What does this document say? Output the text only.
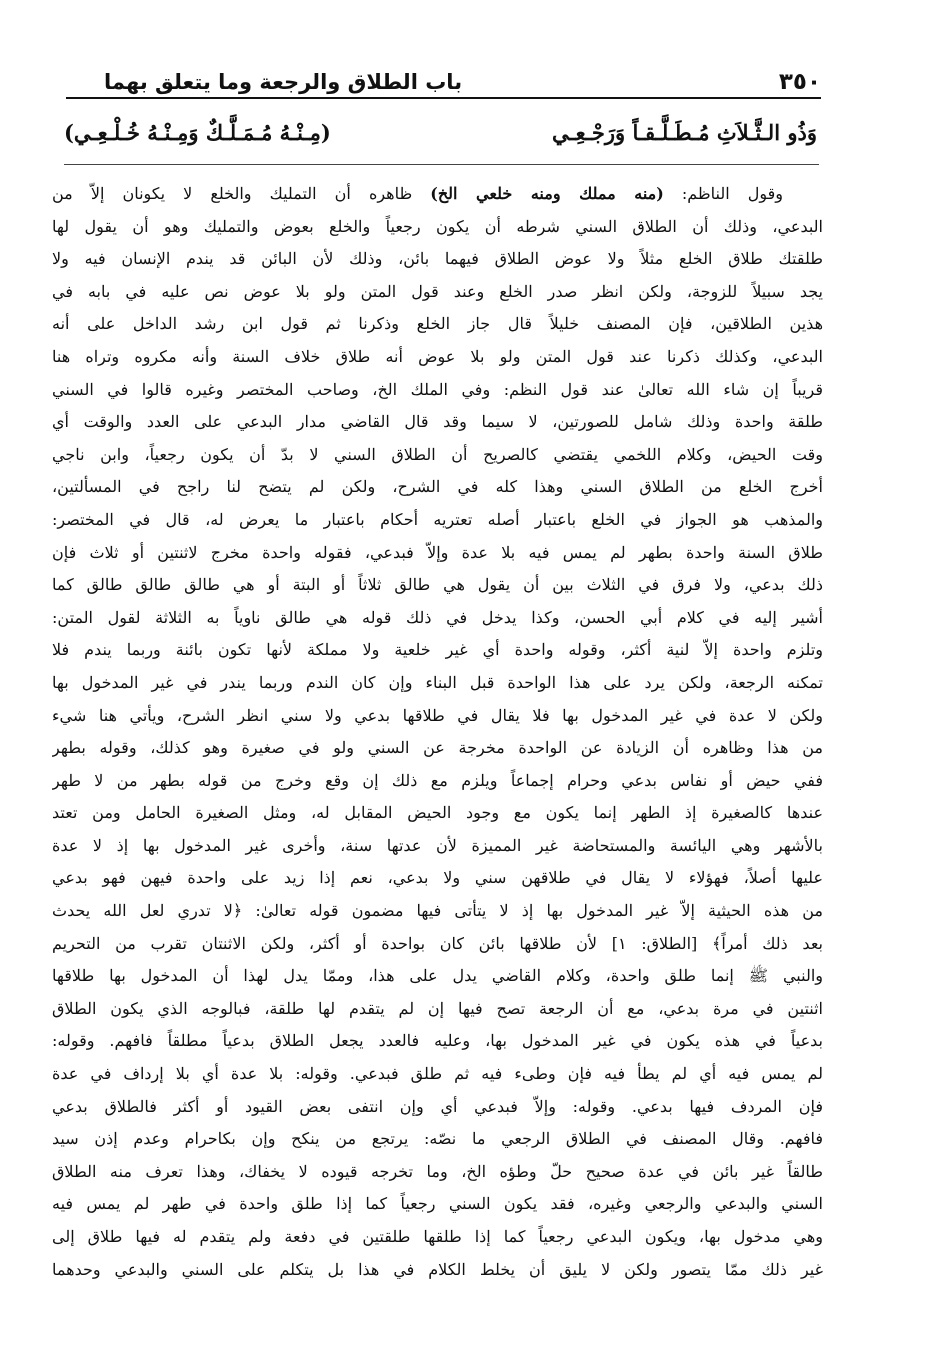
٣٥٠
باب الطلاق والرجعة وما يتعلق بهما
وَذُو الـثَّـلاَثِ مُـطَـلَّـقـاً وَرَجْـعِـي
(مِـنْـهُ مُـمَـلَّـكٌ وَمِـنْـهُ خُـلْـعِـي)
وقول الناظم: (منه مملك ومنه خلعي الخ) ظاهره أن التمليك والخلع لا يكونان إلاّ من
البدعي، وذلك أن الطلاق السني شرطه أن يكون رجعياً والخلع بعوض والتمليك وهو أن يقول لها
طلقتك طلاق الخلع مثلاً ولا عوض الطلاق فيهما بائن، وذلك لأن البائن قد يندم الإنسان فيه ولا
يجد سبيلاً للزوجة، ولكن انظر صدر الخلع وعند قول المتن ولو بلا عوض نص عليه في بابه في
هذين الطلاقين، فإن المصنف خليلاً قال جاز الخلع وذكرنا ثم قول ابن رشد الداخل على أنه
البدعي، وكذلك ذكرنا عند قول المتن ولو بلا عوض أنه طلاق خلاف السنة وأنه مكروه وتراه هنا
قريباً إن شاء الله تعالىٰ عند قول النظم: وفي الملك الخ، وصاحب المختصر وغيره قالوا في السني
طلقة واحدة وذلك شامل للصورتين، لا سيما وقد قال القاضي مدار البدعي على العدد والوقت أي
وقت الحيض، وكلام اللخمي يقتضي كالصريح أن الطلاق السني لا بدّ أن يكون رجعياً، وابن ناجي
أخرج الخلع من الطلاق السني وهذا كله في الشرح، ولكن لم يتضح لنا راجح في المسألتين،
والمذهب هو الجواز في الخلع باعتبار أصله تعتريه أحكام باعتبار ما يعرض له، قال في المختصر:
طلاق السنة واحدة بطهر لم يمس فيه بلا عدة وإلاّ فبدعي، فقوله واحدة مخرج لاثنتين أو ثلاث فإن
ذلك بدعي، ولا فرق في الثلاث بين أن يقول هي طالق ثلاثاً أو البتة أو هي طالق طالق طالق كما
أشير إليه في كلام أبي الحسن، وكذا يدخل في ذلك قوله هي طالق ناوياً به الثلاثة لقول المتن:
وتلزم واحدة إلاّ لنية أكثر، وقوله واحدة أي غير خلعية ولا مملكة لأنها تكون بائنة وربما يندم فلا
تمكنه الرجعة، ولكن يرد على هذا الواحدة قبل البناء وإن كان الندم وربما يندر في غير المدخول بها
ولكن لا عدة في غير المدخول بها فلا يقال في طلاقها بدعي ولا سني انظر الشرح، ويأتي هنا شيء
من هذا وظاهره أن الزيادة عن الواحدة مخرجة عن السني ولو في صغيرة وهو كذلك، وقوله بطهر
ففي حيض أو نفاس بدعي وحرام إجماعاً ويلزم مع ذلك إن وقع وخرج من قوله بطهر من لا طهر
عندها كالصغيرة إذ الطهر إنما يكون مع وجود الحيض المقابل له، ومثل الصغيرة الحامل ومن تعتد
بالأشهر وهي اليائسة والمستحاضة غير المميزة لأن عدتها سنة، وأخرى غير المدخول بها إذ لا عدة
عليها أصلاً، فهؤلاء لا يقال في طلاقهن سني ولا بدعي، نعم إذا زيد على واحدة فيهن فهو بدعي
من هذه الحيثية إلاّ غير المدخول بها إذ لا يتأتى فيها مضمون قوله تعالىٰ: ﴿لا تدري لعل الله يحدث
بعد ذلك أمراً﴾ [الطلاق: ١] لأن طلاقها بائن كان بواحدة أو أكثر، ولكن الاثنتان تقرب من التحريم
والنبي ﷺ إنما طلق واحدة، وكلام القاضي يدل على هذا، وممّا يدل لهذا أن المدخول بها طلاقها
اثنتين في مرة بدعي، مع أن الرجعة تصح فيها إن لم يتقدم لها طلقة، فبالوجه الذي يكون الطلاق
بدعياً في هذه يكون في غير المدخول بها، وعليه فالعدد يجعل الطلاق بدعياً مطلقاً فافهم. وقوله:
لم يمس فيه أي لم يطأ فيه فإن وطىء فيه ثم طلق فبدعي. وقوله: بلا عدة أي بلا إرداف في عدة
فإن المردف فيها بدعي. وقوله: وإلاّ فبدعي أي وإن انتفى بعض القيود أو أكثر فالطلاق بدعي
فافهم. وقال المصنف في الطلاق الرجعي ما نصّه: يرتجع من ينكح وإن بكاحرام وعدم إذن سيد
طالقاً غير بائن في عدة صحيح حلّ وطؤه الخ، وما تخرجه قيوده لا يخفاك، وهذا تعرف منه الطلاق
السني والبدعي والرجعي وغيره، فقد يكون السني رجعياً كما إذا طلق واحدة في طهر لم يمس فيه
وهي مدخول بها، ويكون البدعي رجعياً كما إذا طلقها طلقتين في دفعة ولم يتقدم له فيها طلاق إلى
غير ذلك ممّا يتصور ولكن لا يليق أن يخلط الكلام في هذا بل يتكلم على السني والبدعي وحدهما
